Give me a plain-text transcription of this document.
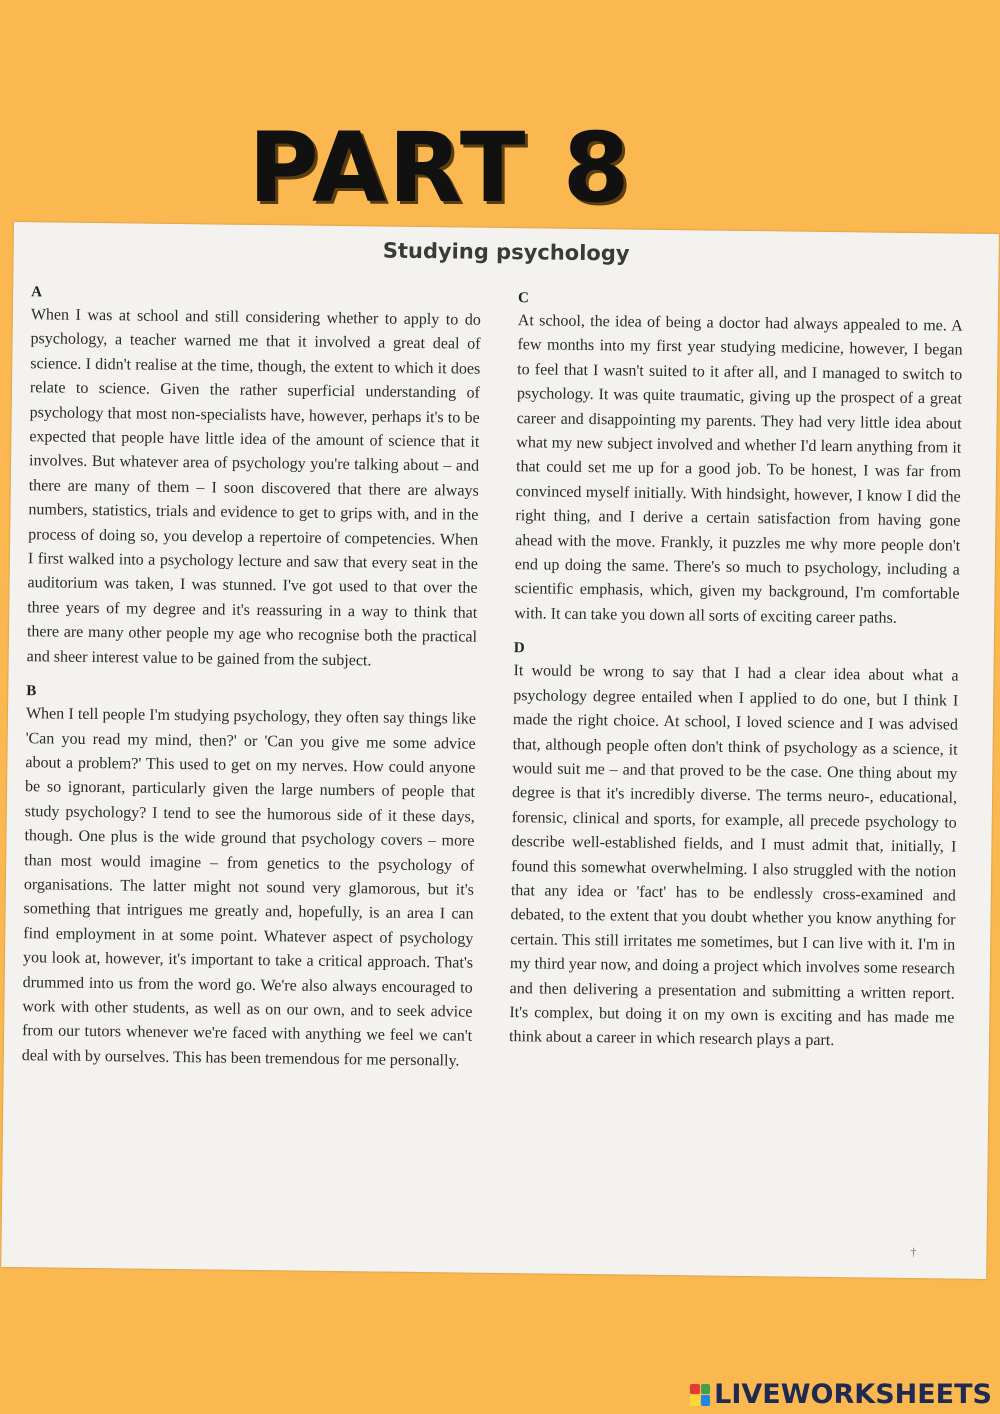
PART 8
Studying psychology

A

When I was at school and still considering whether to apply to do psychology, a teacher warned me that it involved a great deal of science. I didn't realise at the time, though, the extent to which it does relate to science. Given the rather superficial understanding of psychology that most non-specialists have, however, perhaps it's to be expected that people have little idea of the amount of science that it involves. But whatever area of psychology you're talking about – and there are many of them – I soon discovered that there are always numbers, statistics, trials and evidence to get to grips with, and in the process of doing so, you develop a repertoire of competencies. When I first walked into a psychology lecture and saw that every seat in the auditorium was taken, I was stunned. I've got used to that over the three years of my degree and it's reassuring in a way to think that there are many other people my age who recognise both the practical and sheer interest value to be gained from the subject.

B

When I tell people I'm studying psychology, they often say things like 'Can you read my mind, then?' or 'Can you give me some advice about a problem?' This used to get on my nerves. How could anyone be so ignorant, particularly given the large numbers of people that study psychology? I tend to see the humorous side of it these days, though. One plus is the wide ground that psychology covers – more than most would imagine – from genetics to the psychology of organisations. The latter might not sound very glamorous, but it's something that intrigues me greatly and, hopefully, is an area I can find employment in at some point. Whatever aspect of psychology you look at, however, it's important to take a critical approach. That's drummed into us from the word go. We're also always encouraged to work with other students, as well as on our own, and to seek advice from our tutors whenever we're faced with anything we feel we can't deal with by ourselves. This has been tremendous for me personally.

C

At school, the idea of being a doctor had always appealed to me. A few months into my first year studying medicine, however, I began to feel that I wasn't suited to it after all, and I managed to switch to psychology. It was quite traumatic, giving up the prospect of a great career and disappointing my parents. They had very little idea about what my new subject involved and whether I'd learn anything from it that could set me up for a good job. To be honest, I was far from convinced myself initially. With hindsight, however, I know I did the right thing, and I derive a certain satisfaction from having gone ahead with the move. Frankly, it puzzles me why more people don't end up doing the same. There's so much to psychology, including a scientific emphasis, which, given my background, I'm comfortable with. It can take you down all sorts of exciting career paths.

D

It would be wrong to say that I had a clear idea about what a psychology degree entailed when I applied to do one, but I think I made the right choice. At school, I loved science and I was advised that, although people often don't think of psychology as a science, it would suit me – and that proved to be the case. One thing about my degree is that it's incredibly diverse. The terms neuro-, educational, forensic, clinical and sports, for example, all precede psychology to describe well-established fields, and I must admit that, initially, I found this somewhat overwhelming. I also struggled with the notion that any idea or 'fact' has to be endlessly cross-examined and debated, to the extent that you doubt whether you know anything for certain. This still irritates me sometimes, but I can live with it. I'm in my third year now, and doing a project which involves some research and then delivering a presentation and submitting a written report. It's complex, but doing it on my own is exciting and has made me think about a career in which research plays a part.

†
LIVEWORKSHEETS
